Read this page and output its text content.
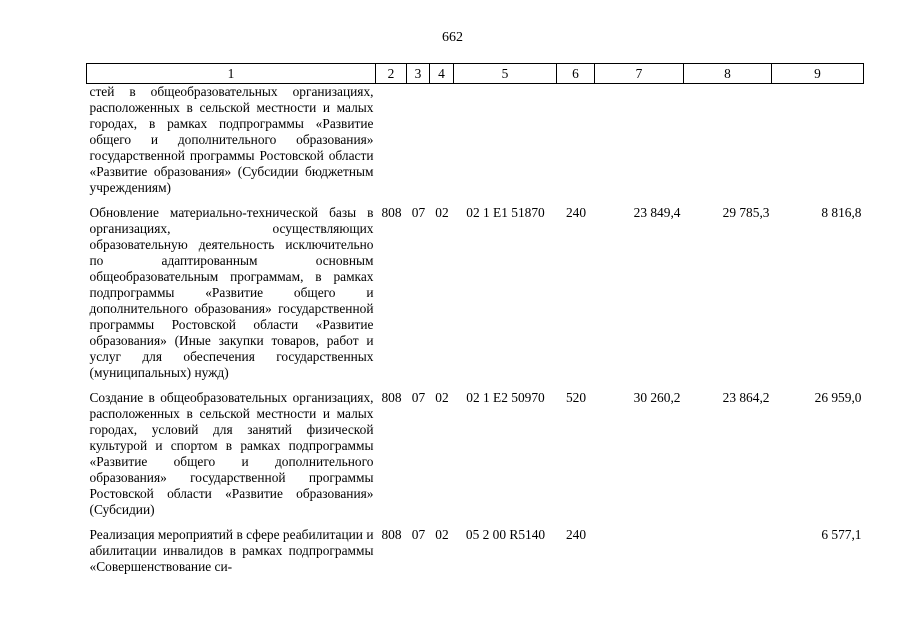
662
1	2	3	4	5	6	7	8	9
стей в общеобразовательных организациях, расположенных в сельской местности и малых городах, в рамках подпрограммы «Развитие общего и дополнительного образования» государственной программы Ростовской области «Развитие образования» (Субсидии бюджетным учреждениям)								
Обновление материально-технической базы в организациях, осуществляющих образовательную деятельность исключительно по адаптированным основным общеобразовательным программам, в рамках подпрограммы «Развитие общего и дополнительного образования» государственной программы Ростовской области «Развитие образования» (Иные закупки товаров, работ и услуг для обеспечения государственных (муниципальных) нужд)	808	07	02	02 1 E1 51870	240	23 849,4	29 785,3	8 816,8
Создание в общеобразовательных организациях, расположенных в сельской местности и малых городах, условий для занятий физической культурой и спортом в рамках подпрограммы «Развитие общего и дополнительного образования» государственной программы Ростовской области «Развитие образования» (Субсидии)	808	07	02	02 1 E2 50970	520	30 260,2	23 864,2	26 959,0
Реализация мероприятий в сфере реабилитации и абилитации инвалидов в рамках подпрограммы «Совершенствование си-	808	07	02	05 2 00 R5140	240			6 577,1
